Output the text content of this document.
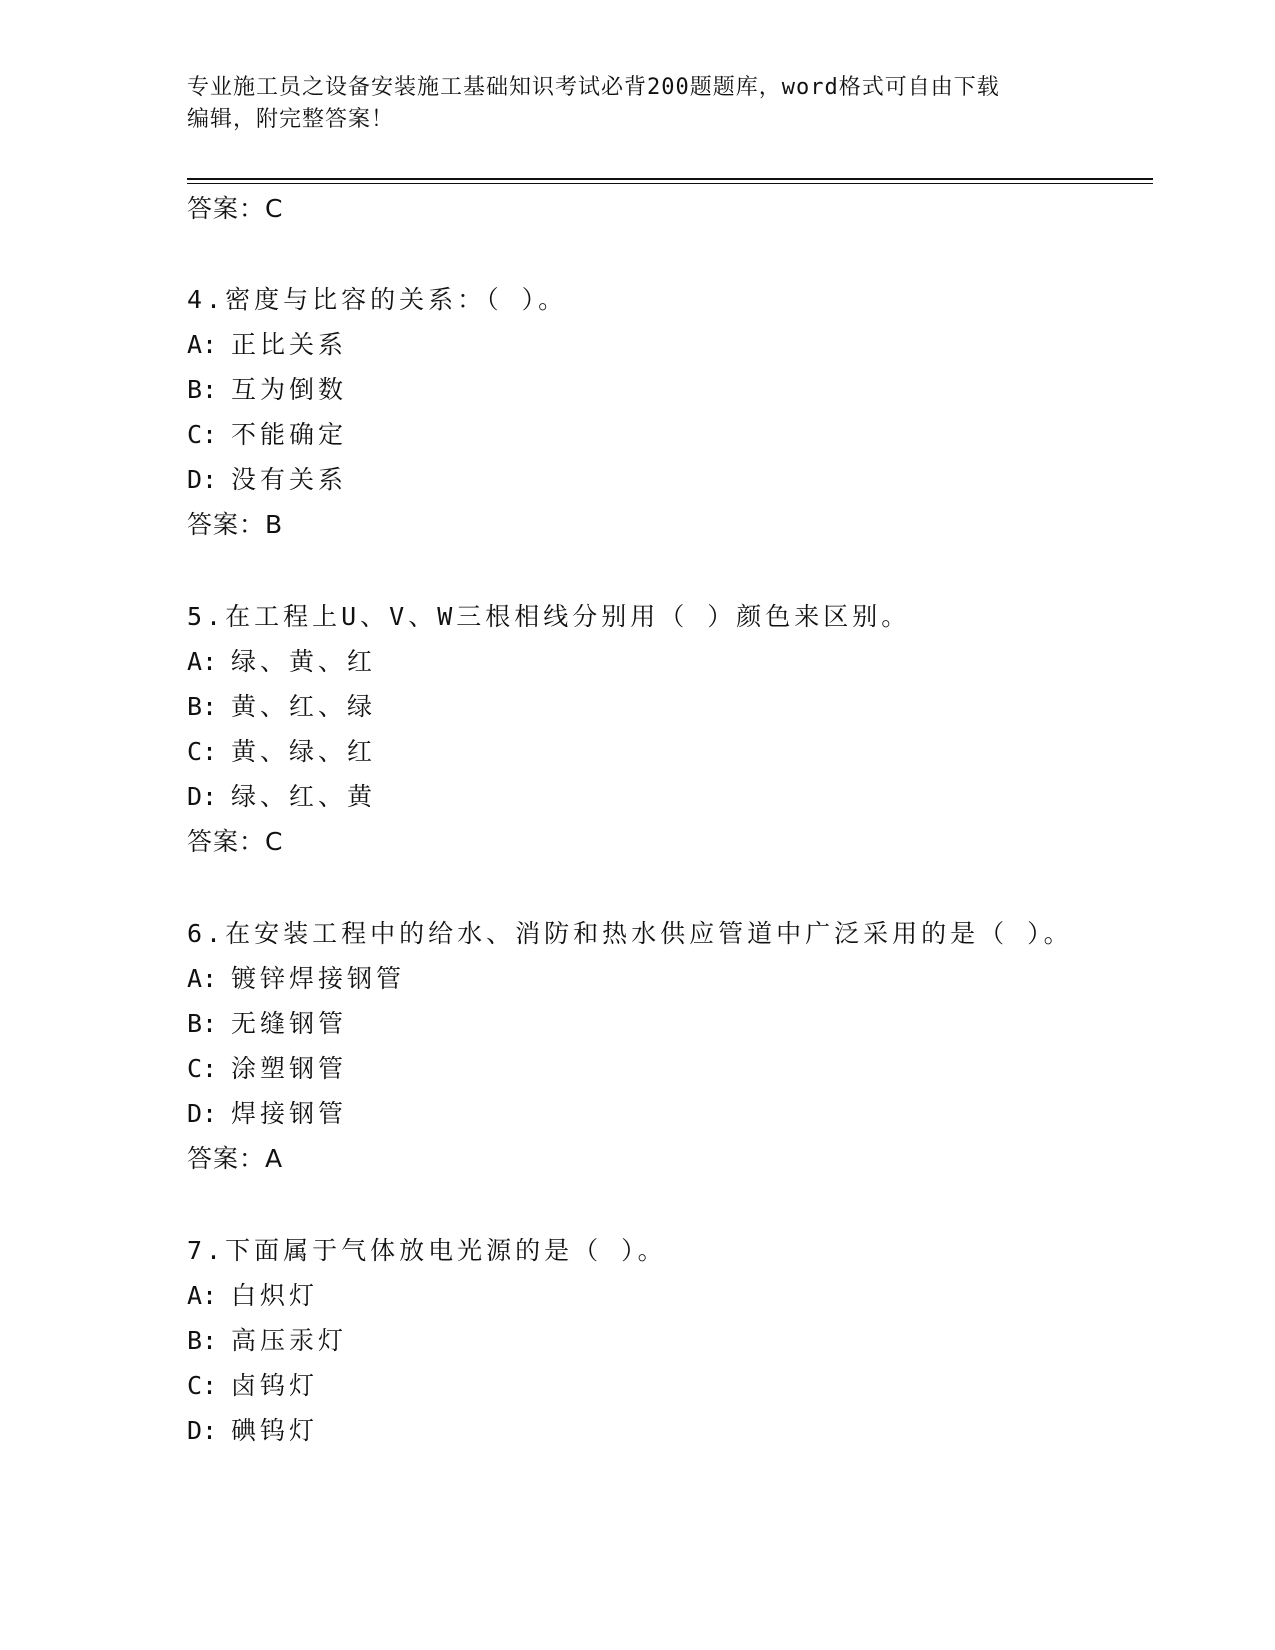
专业施工员之设备安装施工基础知识考试必背200题题库，word格式可自由下载
编辑，附完整答案！
答案：C
4.密度与比容的关系：（ ）。
A: 正比关系
B: 互为倒数
C: 不能确定
D: 没有关系
答案：B
5.在工程上U、V、W三根相线分别用（ ）颜色来区别。
A: 绿、黄、红
B: 黄、红、绿
C: 黄、绿、红
D: 绿、红、黄
答案：C
6.在安装工程中的给水、消防和热水供应管道中广泛采用的是（ ）。
A: 镀锌焊接钢管
B: 无缝钢管
C: 涂塑钢管
D: 焊接钢管
答案：A
7.下面属于气体放电光源的是（ ）。
A: 白炽灯
B: 高压汞灯
C: 卤钨灯
D: 碘钨灯
